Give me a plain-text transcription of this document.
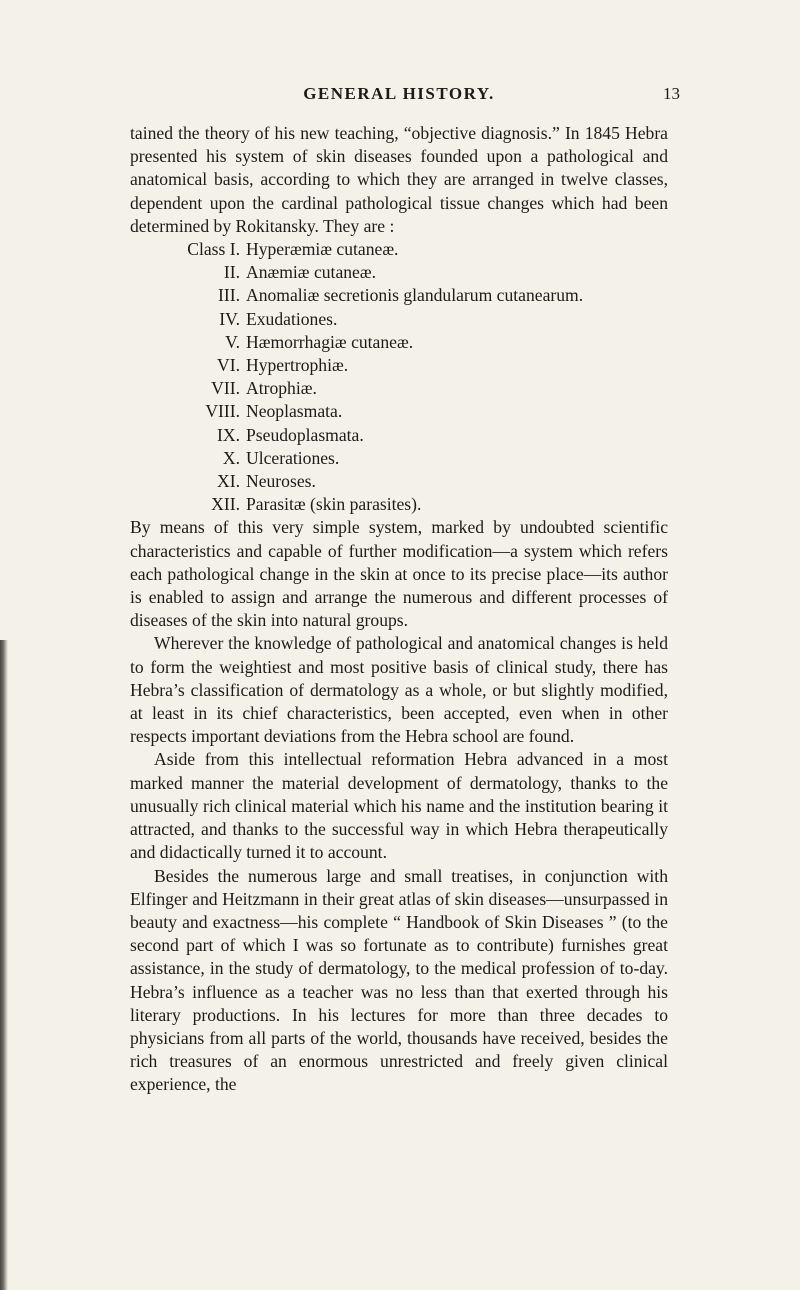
GENERAL HISTORY.	13

tained the theory of his new teaching, “objective diagnosis.” In 1845 Hebra presented his system of skin diseases founded upon a pathological and anatomical basis, according to which they are arranged in twelve classes, dependent upon the cardinal pathological tissue changes which had been determined by Rokitansky. They are :

Class I. Hyperæmiæ cutaneæ.
II. Anæmiæ cutaneæ.
III. Anomaliæ secretionis glandularum cutanearum.
IV. Exudationes.
V. Hæmorrhagiæ cutaneæ.
VI. Hypertrophiæ.
VII. Atrophiæ.
VIII. Neoplasmata.
IX. Pseudoplasmata.
X. Ulcerationes.
XI. Neuroses.
XII. Parasitæ (skin parasites).

By means of this very simple system, marked by undoubted scientific characteristics and capable of further modification—a system which refers each pathological change in the skin at once to its precise place—its author is enabled to assign and arrange the numerous and different processes of diseases of the skin into natural groups.

Wherever the knowledge of pathological and anatomical changes is held to form the weightiest and most positive basis of clinical study, there has Hebra’s classification of dermatology as a whole, or but slightly modified, at least in its chief characteristics, been accepted, even when in other respects important deviations from the Hebra school are found.

Aside from this intellectual reformation Hebra advanced in a most marked manner the material development of dermatology, thanks to the unusually rich clinical material which his name and the institution bearing it attracted, and thanks to the successful way in which Hebra therapeutically and didactically turned it to account.

Besides the numerous large and small treatises, in conjunction with Elfinger and Heitzmann in their great atlas of skin diseases—unsurpassed in beauty and exactness—his complete “ Handbook of Skin Diseases ” (to the second part of which I was so fortunate as to contribute) furnishes great assistance, in the study of dermatology, to the medical profession of to-day. Hebra’s influence as a teacher was no less than that exerted through his literary productions. In his lectures for more than three decades to physicians from all parts of the world, thousands have received, besides the rich treasures of an enormous unrestricted and freely given clinical experience, the
